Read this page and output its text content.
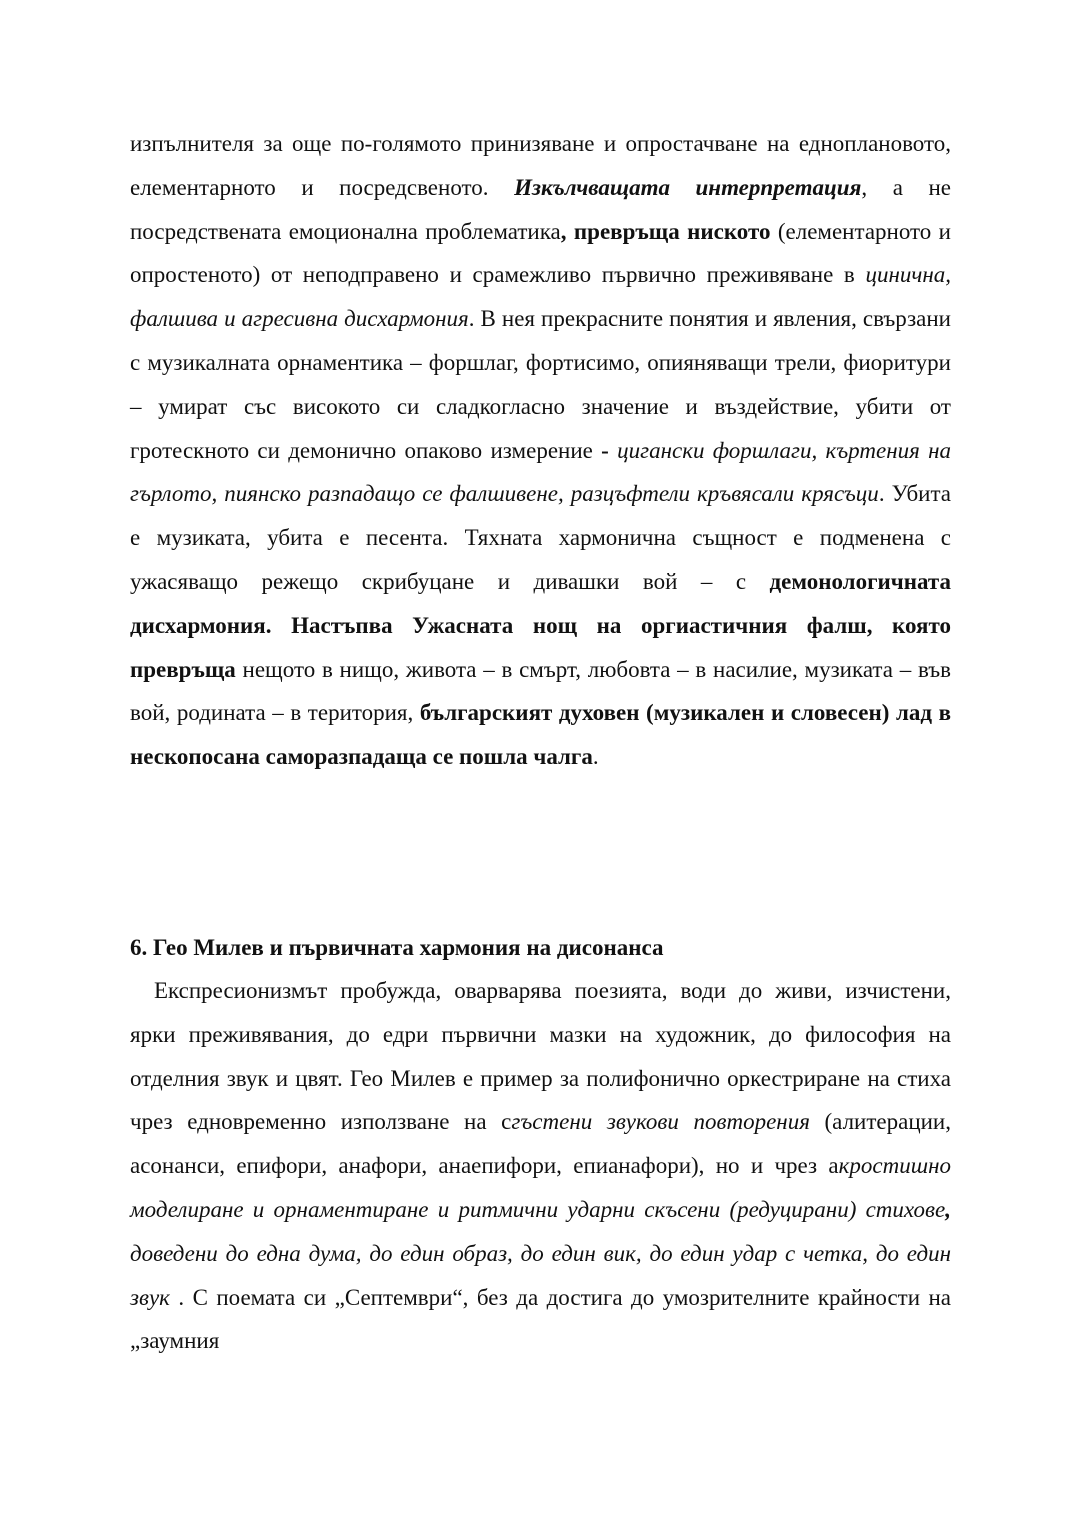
изпълнителя за още по-голямото принизяване и опростачване на едноплановото, елементарното и посредсвеното. Изкълчващата интерпретация, а не посредствената емоционална проблематика, превръща ниското (елементарното и опростеното) от неподправено и срамежливо първично преживяване в цинична, фалшива и агресивна дисхармония. В нея прекрасните понятия и явления, свързани с музикалната орнаментика – форшлаг, фортисимо, опияняващи трели, фиоритури – умират със високото си сладкогласно значение и въздействие, убити от гротескното си демонично опаково измерение - цигански форшлаги, къртения на гърлото, пиянско разпадащо се фалшивене, разцъфтели кръвясали крясъци. Убита е музиката, убита е песента. Тяхната хармонична същност е подменена с ужасяващо режещо скрибуцане и дивашки вой – с демонологичната дисхармония. Настъпва Ужасната нощ на оргиастичния фалш, която превръща нещото в нищо, живота – в смърт, любовта – в насилие, музиката – във вой, родината – в територия, българският духовен (музикален и словесен) лад в нескопосана саморазпадаща се пошла чалга.

6. Гео Милев и първичната хармония на дисонанса

Експресионизмът пробужда, оварварява поезията, води до живи, изчистени, ярки преживявания, до едри първични мазки на художник, до философия на отделния звук и цвят. Гео Милев е пример за полифонично оркестриране на стиха чрез едновременно използване на сгъстени звукови повторения (алитерации, асонанси, епифори, анафори, анаепифори, епианафори), но и чрез акростишно моделиране и орнаментиране и ритмични ударни скъсени (редуцирани) стихове, доведени до една дума, до един образ, до един вик, до един удар с четка, до един звук . С поемата си „Септември“, без да достига до умозрителните крайности на „заумния
